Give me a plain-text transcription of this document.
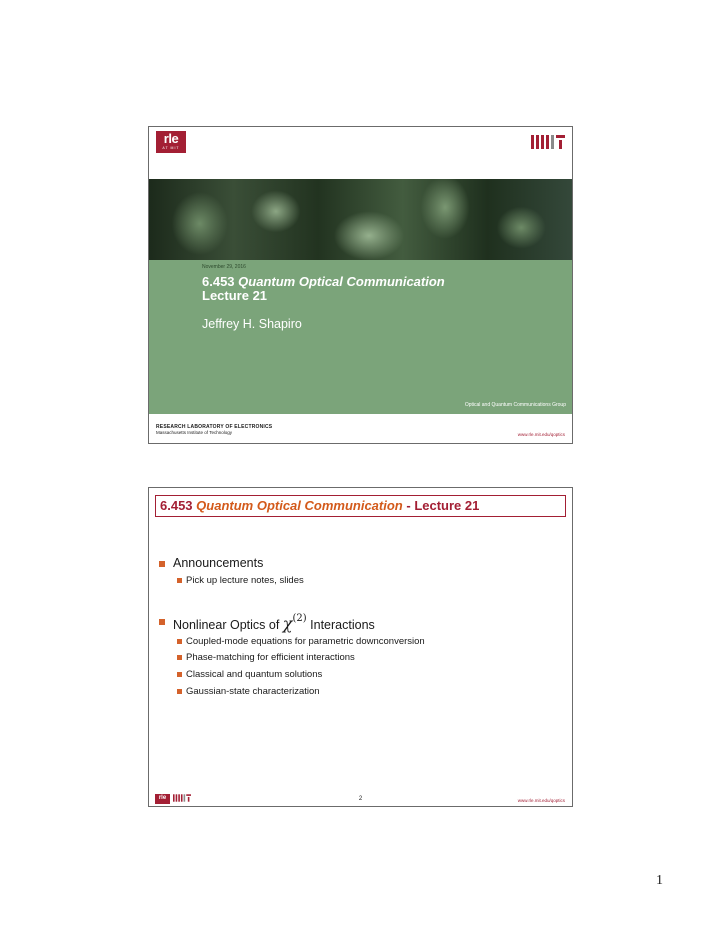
rle
AT MIT
November 29, 2016
6.453 Quantum Optical Communication
Lecture 21
Jeffrey H. Shapiro
Optical and Quantum Communications Group
RESEARCH LABORATORY OF ELECTRONICS
Massachusetts Institute of Technology	www.rle.mit.edu/qoptics
6.453 Quantum Optical Communication - Lecture 21
Announcements
Pick up lecture notes, slides
Nonlinear Optics of $\chi^{(2)}$ Interactions
Coupled-mode equations for parametric downconversion
Phase-matching for efficient interactions
Classical and quantum solutions
Gaussian-state characterization
rle	2	www.rle.mit.edu/qoptics
1
